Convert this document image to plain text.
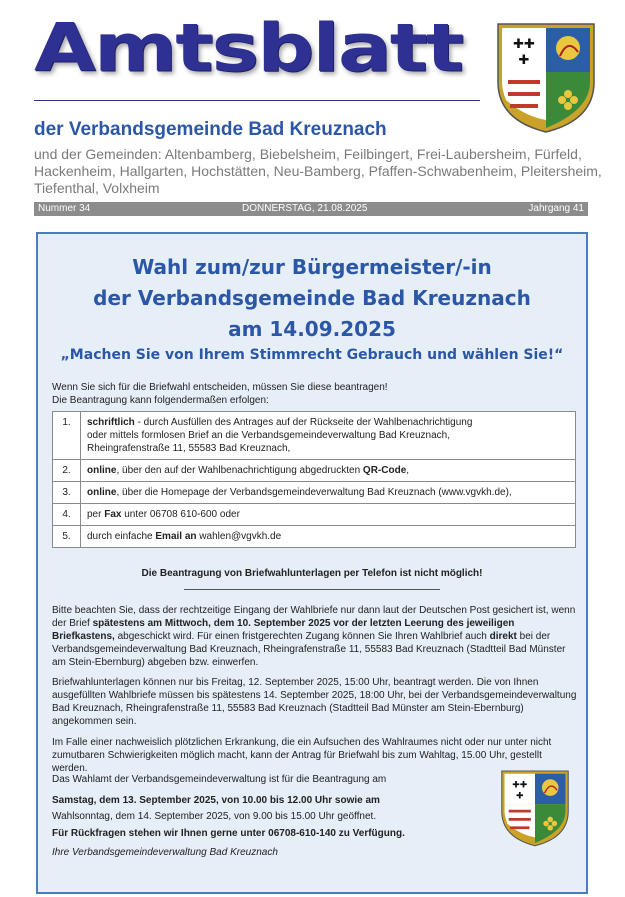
Amtsblatt	✚✚
✚
der Verbandsgemeinde Bad Kreuznach
und der Gemeinden: Altenbamberg, Biebelsheim, Feilbingert, Frei-Laubersheim, Fürfeld, Hackenheim, Hallgarten, Hochstätten, Neu-Bamberg, Pfaffen-Schwabenheim, Pleitersheim, Tiefenthal, Volxheim
Nummer 34	DONNERSTAG, 21.08.2025	Jahrgang 41
Wahl zum/zur Bürgermeister/-in
der Verbandsgemeinde Bad Kreuznach
am 14.09.2025
„Machen Sie von Ihrem Stimmrecht Gebrauch und wählen Sie!“
Wenn Sie sich für die Briefwahl entscheiden, müssen Sie diese beantragen!
Die Beantragung kann folgendermaßen erfolgen:
1.	schriftlich - durch Ausfüllen des Antrages auf der Rückseite der Wahlbenachrichtigung
oder mittels formlosen Brief an die Verbandsgemeindeverwaltung Bad Kreuznach,
Rheingrafenstraße 11, 55583 Bad Kreuznach,
2.	online, über den auf der Wahlbenachrichtigung abgedruckten QR-Code,
3.	online, über die Homepage der Verbandsgemeindeverwaltung Bad Kreuznach (www.vgvkh.de),
4.	per Fax unter 06708 610-600 oder
5.	durch einfache Email an wahlen@vgvkh.de
Die Beantragung von Briefwahlunterlagen per Telefon ist nicht möglich!
Bitte beachten Sie, dass der rechtzeitige Eingang der Wahlbriefe nur dann laut der Deutschen Post gesichert ist, wenn der Brief spätestens am Mittwoch, dem 10. September 2025 vor der letzten Leerung des jeweiligen Briefkastens, abgeschickt wird. Für einen fristgerechten Zugang können Sie Ihren Wahlbrief auch direkt bei der Verbandsgemeindeverwaltung Bad Kreuznach, Rheingrafenstraße 11, 55583 Bad Kreuznach (Stadtteil Bad Münster am Stein-Ebernburg) abgeben bzw. einwerfen.
Briefwahlunterlagen können nur bis Freitag, 12. September 2025, 15:00 Uhr, beantragt werden. Die von Ihnen ausgefüllten Wahlbriefe müssen bis spätestens 14. September 2025, 18:00 Uhr, bei der Verbandsgemeindeverwaltung Bad Kreuznach, Rheingrafenstraße 11, 55583 Bad Kreuznach (Stadtteil Bad Münster am Stein-Ebernburg) angekommen sein.
Im Falle einer nachweislich plötzlichen Erkrankung, die ein Aufsuchen des Wahlraumes nicht oder nur unter nicht zumutbaren Schwierigkeiten möglich macht, kann der Antrag für Briefwahl bis zum Wahltag, 15.00 Uhr, gestellt werden.
Das Wahlamt der Verbandsgemeindeverwaltung ist für die Beantragung am
Samstag, dem 13. September 2025, von 10.00 bis 12.00 Uhr sowie am
Wahlsonntag, dem 14. September 2025, von 9.00 bis 15.00 Uhr geöffnet.
Für Rückfragen stehen wir Ihnen gerne unter 06708-610-140 zu Verfügung.
Ihre Verbandsgemeindeverwaltung Bad Kreuznach
✚✚
✚
